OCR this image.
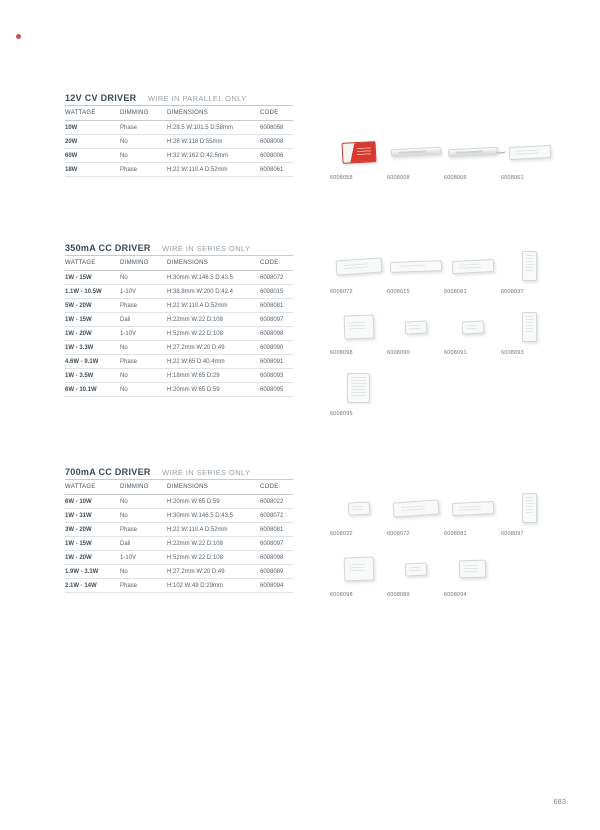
12V CV DRIVER WIRE IN PARALLEL ONLY
WATTAGE	DIMMING	DIMENSIONS	CODE
10W	Phase	H:29.5 W:101.5 D:58mm	6008058
20W	No	H:26 W:118 D:55mm	6008008
60W	No	H:32 W:162 D:42.5mm	6008006
18W	Phase	H:22 W:110.4 D:52mm	6008061
6008058	6008008	6008006	6008061
350mA CC DRIVER WIRE IN SERIES ONLY
WATTAGE	DIMMING	DIMENSIONS	CODE
1W - 15W	No	H:30mm W:146.5 D:43.5	6008072
1.1W - 10.5W	1-10V	H:38.8mm W:200 D:42.4	6008015
5W - 20W	Phase	H:22 W:110.4 D:52mm	6008081
1W - 15W	Dali	H:22mm W:22 D:108	6008097
1W - 20W	1-10V	H:52mm W:22 D:108	6008098
1W - 3.3W	No	H:27.2mm W:20 D:49	6008090
4.6W - 9.1W	Phase	H:22 W:65 D:40.4mm	6008091
1W - 3.5W	No	H:18mm W:65 D:29	6008093
6W - 10.1W	No	H:20mm W:65 D:59	6008095
6008072	6008015	6008081	6008097
6008098	6008090	6008091	6008093
6008095
700mA CC DRIVER WIRE IN SERIES ONLY
WATTAGE	DIMMING	DIMENSIONS	CODE
6W - 10W	No	H:20mm W:65 D:59	6008022
1W - 31W	No	H:30mm W:146.5 D:43.5	6008072
3W - 20W	Phase	H:22 W:110.4 D:52mm	6008081
1W - 15W	Dali	H:22mm W:22 D:108	6008097
1W - 20W	1-10V	H:52mm W:22 D:108	6008098
1.9W - 3.1W	No	H:27.2mm W:20 D:49	6008089
2.1W - 14W	Phase	H:102 W:49 D:29mm	6008094
6008022	6008072	6008081	6008097
6008098	6008089	6008094
683
